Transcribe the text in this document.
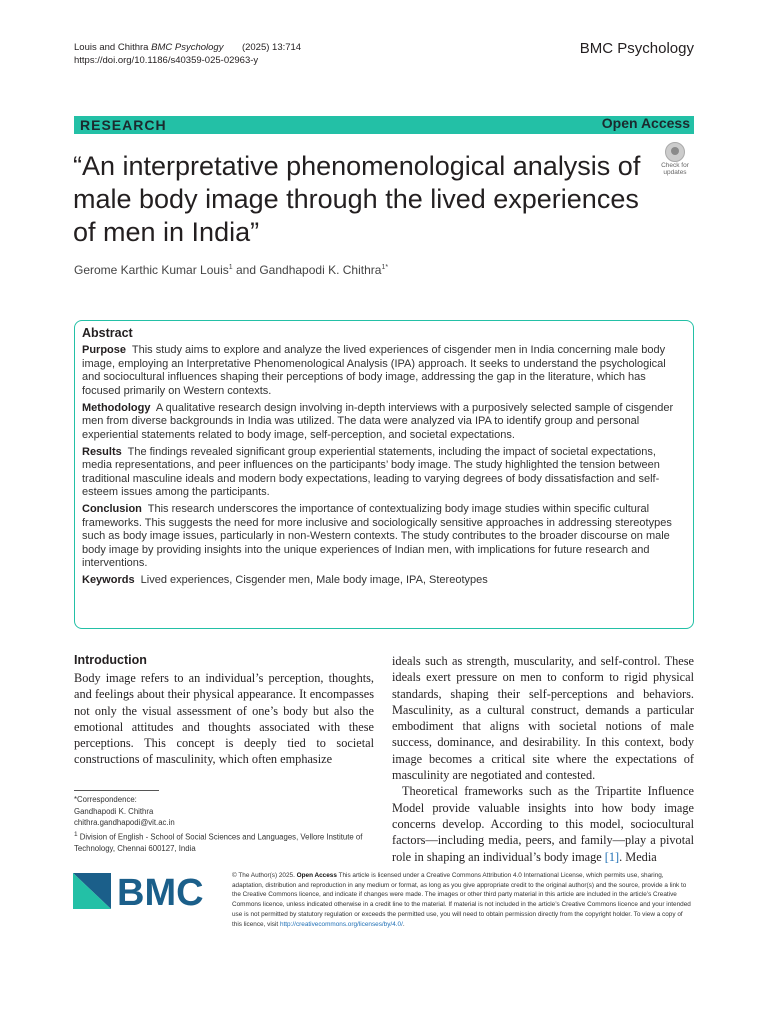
Louis and Chithra BMC Psychology (2025) 13:714
https://doi.org/10.1186/s40359-025-02963-y
BMC Psychology
RESEARCH	Open Access
Check for
updates
“An interpretative phenomenological analysis of male body image through the lived experiences of men in India”
Gerome Karthic Kumar Louis$^1$ and Gandhapodi K. Chithra$^{1*}$
Abstract

Purpose This study aims to explore and analyze the lived experiences of cisgender men in India concerning male body image, employing an Interpretative Phenomenological Analysis (IPA) approach. It seeks to understand the psychological and sociocultural influences shaping their perceptions of body image, addressing the gap in the literature, which has focused primarily on Western contexts.

Methodology A qualitative research design involving in-depth interviews with a purposively selected sample of cisgender men from diverse backgrounds in India was utilized. The data were analyzed via IPA to identify group and personal experiential statements related to body image, self-perception, and societal expectations.

Results The findings revealed significant group experiential statements, including the impact of societal expectations, media representations, and peer influences on the participants’ body image. The study highlighted the tension between traditional masculine ideals and modern body expectations, leading to varying degrees of body dissatisfaction and self-esteem issues among the participants.

Conclusion This research underscores the importance of contextualizing body image studies within specific cultural frameworks. This suggests the need for more inclusive and sociologically sensitive approaches in addressing stereotypes such as body image issues, particularly in non-Western contexts. The study contributes to the broader discourse on male body image by providing insights into the unique experiences of Indian men, with implications for future research and interventions.

Keywords Lived experiences, Cisgender men, Male body image, IPA, Stereotypes

Introduction

Body image refers to an individual’s perception, thoughts, and feelings about their physical appearance. It encompasses not only the visual assessment of one’s body but also the emotional attitudes and thoughts associated with these perceptions. This concept is deeply tied to societal constructions of masculinity, which often emphasize

ideals such as strength, muscularity, and self-control. These ideals exert pressure on men to conform to rigid physical standards, shaping their self-perceptions and behaviors. Masculinity, as a cultural construct, demands a particular embodiment that aligns with societal notions of male success, dominance, and desirability. In this context, body image becomes a critical site where the expectations of masculinity are negotiated and contested.

Theoretical frameworks such as the Tripartite Influence Model provide valuable insights into how body image concerns develop. According to this model, sociocultural factors—including media, peers, and family—play a pivotal role in shaping an individual’s body image [1]. Media

*Correspondence:

Gandhapodi K. Chithra

chithra.gandhapodi@vit.ac.in

$^1$ Division of English - School of Social Sciences and Languages, Vellore Institute of Technology, Chennai 600127, India

BMC	© The Author(s) 2025. Open Access This article is licensed under a Creative Commons Attribution 4.0 International License, which permits use, sharing, adaptation, distribution and reproduction in any medium or format, as long as you give appropriate credit to the original author(s) and the source, provide a link to the Creative Commons licence, and indicate if changes were made. The images or other third party material in this article are included in the article’s Creative Commons licence, unless indicated otherwise in a credit line to the material. If material is not included in the article’s Creative Commons licence and your intended use is not permitted by statutory regulation or exceeds the permitted use, you will need to obtain permission directly from the copyright holder. To view a copy of this licence, visit http://creativecommons.org/licenses/by/4.0/.
